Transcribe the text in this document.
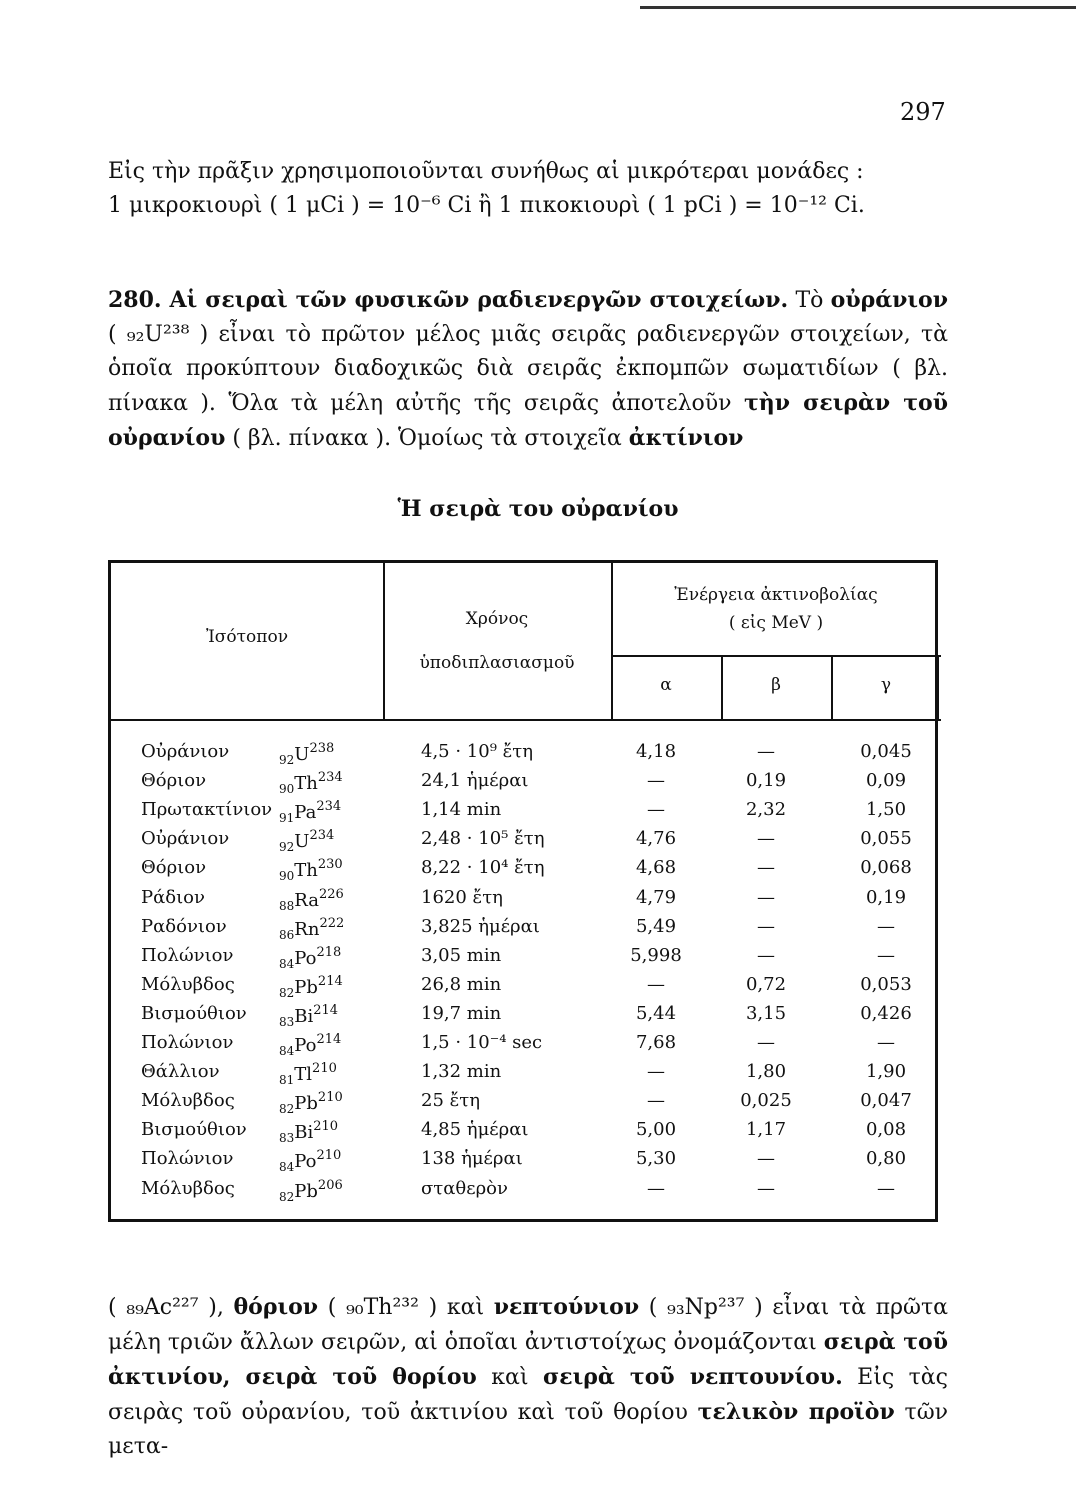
297
Εἰς τὴν πρᾶξιν χρησιμοποιοῦνται συνήθως αἱ μικρότεραι μονάδες :
1 μικροκιουρὶ ( 1 μCi ) = 10⁻⁶ Ci ἢ 1 πικοκιουρὶ ( 1 pCi ) = 10⁻¹² Ci.
280. Αἱ σειραὶ τῶν φυσικῶν ραδιενεργῶν στοιχείων. Τὸ οὐράνιον ( ₉₂U²³⁸ ) εἶναι τὸ πρῶτον μέλος μιᾶς σειρᾶς ραδιενεργῶν στοιχείων, τὰ ὁποῖα προκύπτουν διαδοχικῶς διὰ σειρᾶς ἐκπομπῶν σωματιδίων ( βλ. πίνακα ). Ὅλα τὰ μέλη αὐτῆς τῆς σειρᾶς ἀποτελοῦν τὴν σειρὰν τοῦ οὐρανίου ( βλ. πίνακα ). Ὁμοίως τὰ στοιχεῖα ἀκτίνιον
Ἡ σειρὰ του οὐρανίου
Ἰσότοπον
Χρόνος
ὑποδιπλασιασμοῦ
Ἐνέργεια ἀκτινοβολίας
( εἰς MeV )
α	β	γ
Οὐράνιον	$_{92}U^{238}$	4,5 · 10⁹ ἔτη	4,18	—	0,045
Θόριον	$_{90}Th^{234}$	24,1 ἡμέραι	—	0,19	0,09
Πρωτακτίνιον $_{91}Pa^{234}$	1,14 min	—	2,32	1,50
Οὐράνιον	$_{92}U^{234}$	2,48 · 10⁵ ἔτη	4,76	—	0,055
Θόριον	$_{90}Th^{230}$	8,22 · 10⁴ ἔτη	4,68	—	0,068
Ράδιον	$_{88}Ra^{226}$	1620 ἔτη	4,79	—	0,19
Ραδόνιον	$_{86}Rn^{222}$	3,825 ἡμέραι	5,49	—	—
Πολώνιον	$_{84}Po^{218}$	3,05 min	5,998	—	—
Μόλυβδος	$_{82}Pb^{214}$	26,8 min	—	0,72	0,053
Βισμούθιον	$_{83}Bi^{214}$	19,7 min	5,44	3,15	0,426
Πολώνιον	$_{84}Po^{214}$	1,5 · 10⁻⁴ sec	7,68	—	—
Θάλλιον	$_{81}Tl^{210}$	1,32 min	—	1,80	1,90
Μόλυβδος	$_{82}Pb^{210}$	25 ἔτη	—	0,025	0,047
Βισμούθιον	$_{83}Bi^{210}$	4,85 ἡμέραι	5,00	1,17	0,08
Πολώνιον	$_{84}Po^{210}$	138 ἡμέραι	5,30	—	0,80
Μόλυβδος	$_{82}Pb^{206}$	σταθερὸν	—	—	—
( ₈₉Ac²²⁷ ), θόριον ( ₉₀Th²³² ) καὶ νεπτούνιον ( ₉₃Np²³⁷ ) εἶναι τὰ πρῶτα μέλη τριῶν ἄλλων σειρῶν, αἱ ὁποῖαι ἀντιστοίχως ὀνομάζονται σειρὰ τοῦ ἀκτινίου, σειρὰ τοῦ θορίου καὶ σειρὰ τοῦ νεπτουνίου. Εἰς τὰς σειρὰς τοῦ οὐρανίου, τοῦ ἀκτινίου καὶ τοῦ θορίου τελικὸν προϊὸν τῶν μετα-
